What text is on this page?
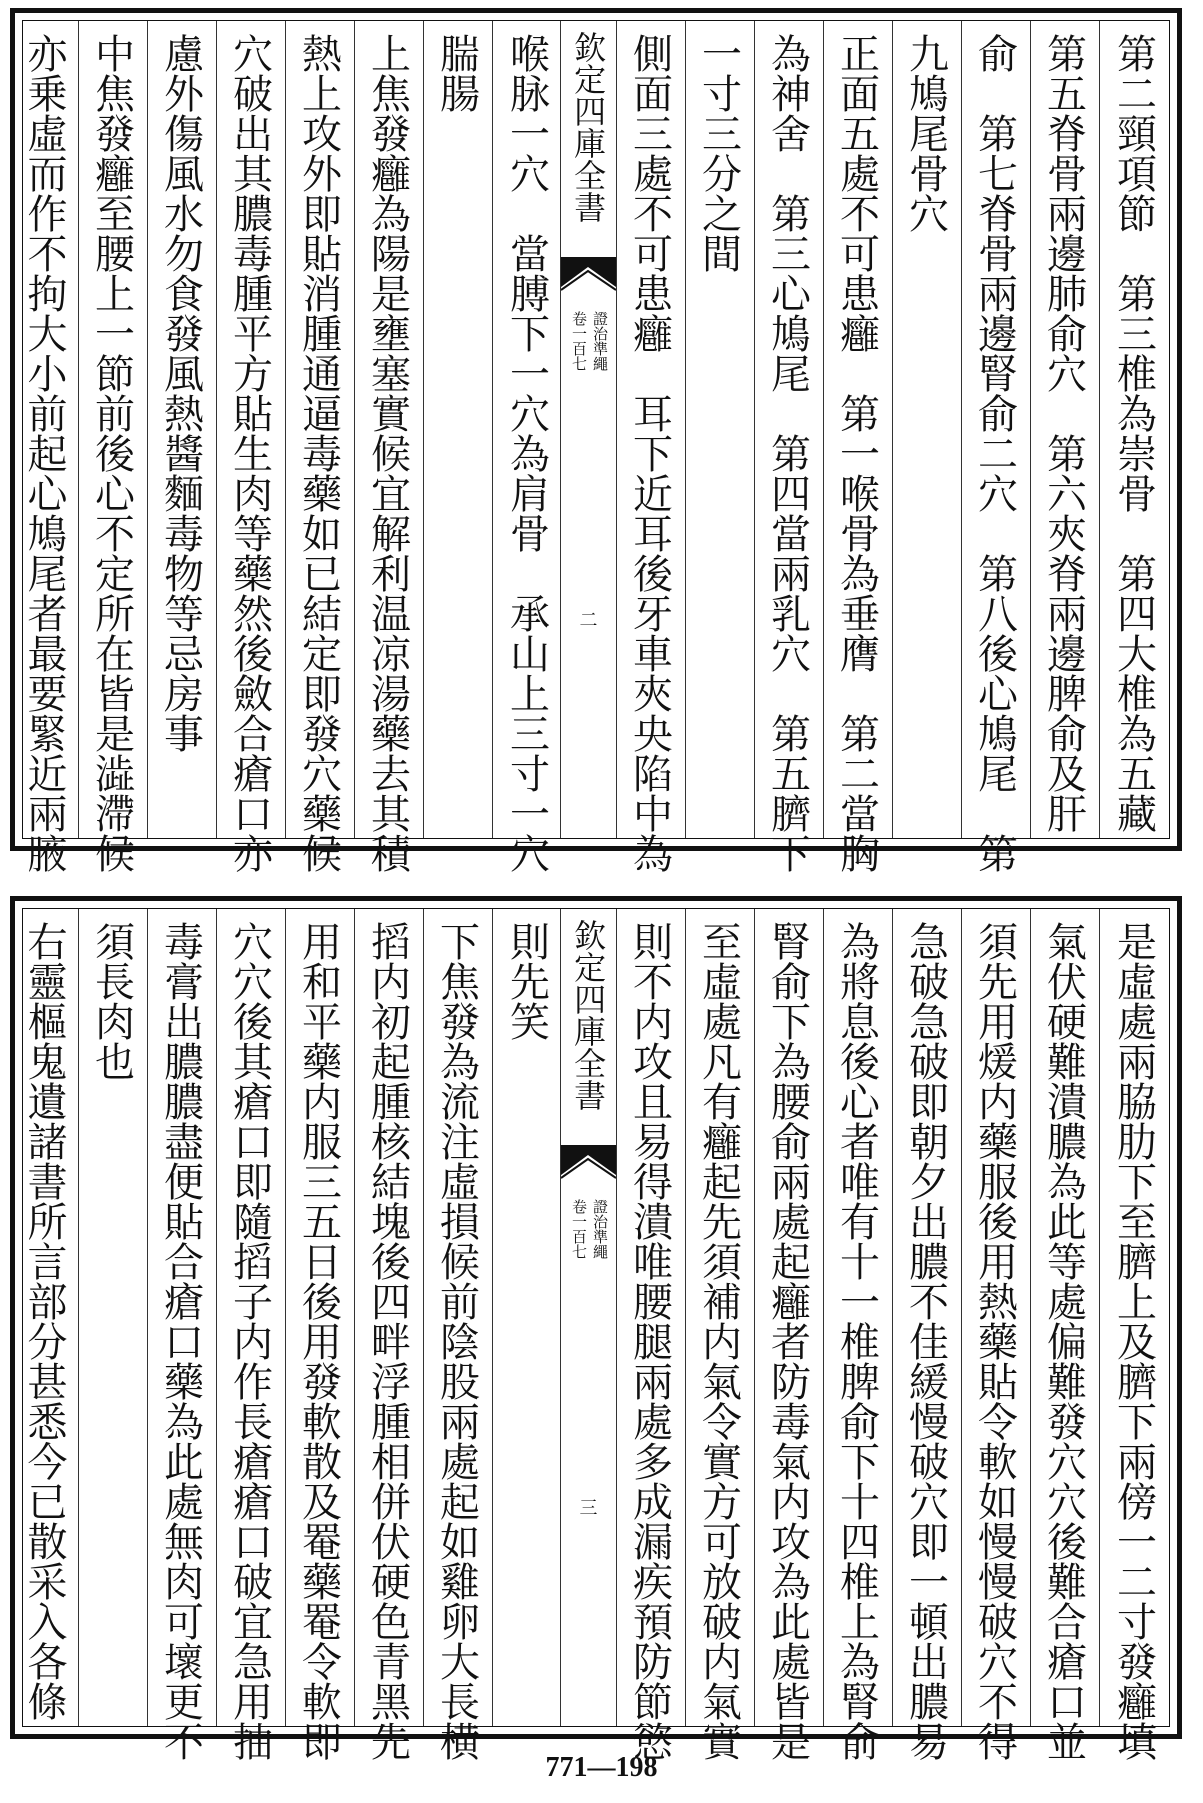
第二頸項節　第三椎為崇骨　第四大椎為五藏
第五脊骨兩邊肺俞穴　第六夾脊兩邊脾俞及肝
俞　第七脊骨兩邊腎俞二穴　第八後心鳩尾　第
九鳩尾骨穴
正面五處不可患癰　第一喉骨為垂膺　第二當胸
為神舍　第三心鳩尾　第四當兩乳穴　第五臍下
一寸三分之間
側面三處不可患癰　耳下近耳後牙車夾央陷中為
欽定四庫全書
卷一百七 證治準繩
二
喉脉一穴　當膊下一穴為肩骨　承山上三寸一穴
腨腸
上焦發癰為陽是壅塞實候宜解利温凉湯藥去其積
熱上攻外即貼消腫通逼毒藥如已結定即發穴藥候
穴破出其膿毒腫平方貼生肉等藥然後斂合瘡口亦
慮外傷風水勿食發風熱醬麵毒物等忌房事
中焦發癰至腰上一節前後心不定所在皆是澁滯候
亦乗虛而作不拘大小前起心鳩尾者最要緊近兩腋
是虛處兩脇肋下至臍上及臍下兩傍一二寸發癰填
氣伏硬難潰膿為此等處偏難發穴穴後難合瘡口並
須先用煖内藥服後用熱藥貼令軟如慢慢破穴不得
急破急破即朝夕出膿不佳緩慢破穴即一頓出膿易
為將息後心者唯有十一椎脾俞下十四椎上為腎俞
腎俞下為腰俞兩處起癰者防毒氣内攻為此處皆是
至虛處凡有癰起先須補内氣令實方可放破内氣實
則不内攻且易得潰唯腰腿兩處多成漏疾預防節慾
欽定四庫全書
卷一百七 證治準繩
三
則先笑
下焦發為流注虛損候前陰股兩處起如雞卵大長横
搯内初起腫核結塊後四畔浮腫相併伏硬色青黑先
用和平藥内服三五日後用發軟散及罨藥罨令軟即
穴穴後其瘡口即隨搯子内作長瘡瘡口破宜急用抽
毒膏出膿膿盡便貼合瘡口藥為此處無肉可壞更不
須長肉也
右靈樞鬼遺諸書所言部分甚悉今已散采入各條
771—198
